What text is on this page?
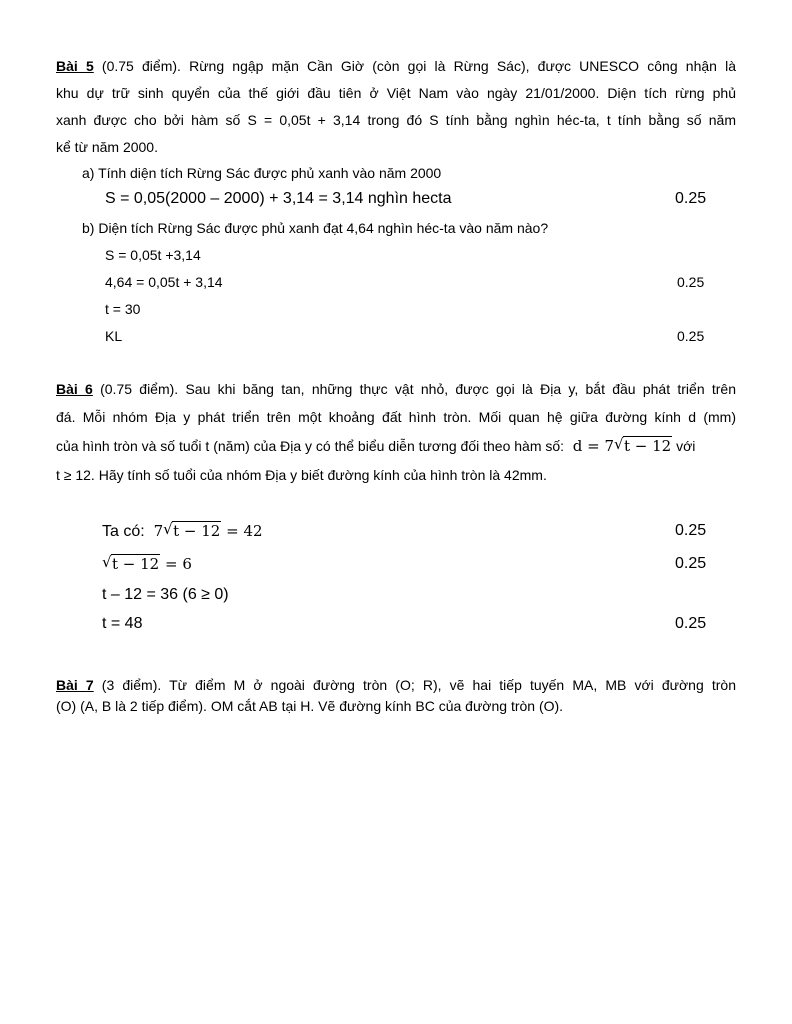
Bài 5 (0.75 điểm). Rừng ngập mặn Cần Giờ (còn gọi là Rừng Sác), được UNESCO công nhận là
khu dự trữ sinh quyển của thế giới đầu tiên ở Việt Nam vào ngày 21/01/2000. Diện tích rừng phủ
xanh được cho bởi hàm số S = 0,05t + 3,14 trong đó S tính bằng nghìn héc-ta, t tính bằng số năm
kể từ năm 2000.
a) Tính diện tích Rừng Sác được phủ xanh vào năm 2000
S = 0,05(2000 – 2000) + 3,14 = 3,14 nghìn hecta	0.25
b) Diện tích Rừng Sác được phủ xanh đạt 4,64 nghìn héc-ta vào năm nào?
S = 0,05t +3,14
4,64 = 0,05t + 3,14	0.25
t = 30
KL	0.25
Bài 6 (0.75 điểm). Sau khi băng tan, những thực vật nhỏ, được gọi là Địa y, bắt đầu phát triển trên
đá. Mỗi nhóm Địa y phát triển trên một khoảng đất hình tròn. Mối quan hệ giữa đường kính d (mm)
của hình tròn và số tuổi t (năm) của Địa y có thể biểu diễn tương đối theo hàm số: d = 7 √ t − 12 với
t ≥ 12. Hãy tính số tuổi của nhóm Địa y biết đường kính của hình tròn là 42mm.
Ta có: 7 √ t − 12 = 42	0.25
√ t − 12 = 6	0.25
t – 12 = 36 (6 ≥ 0)
t = 48	0.25
Bài 7 (3 điểm). Từ điểm M ở ngoài đường tròn (O; R), vẽ hai tiếp tuyến MA, MB với đường tròn
(O) (A, B là 2 tiếp điểm). OM cắt AB tại H. Vẽ đường kính BC của đường tròn (O).
